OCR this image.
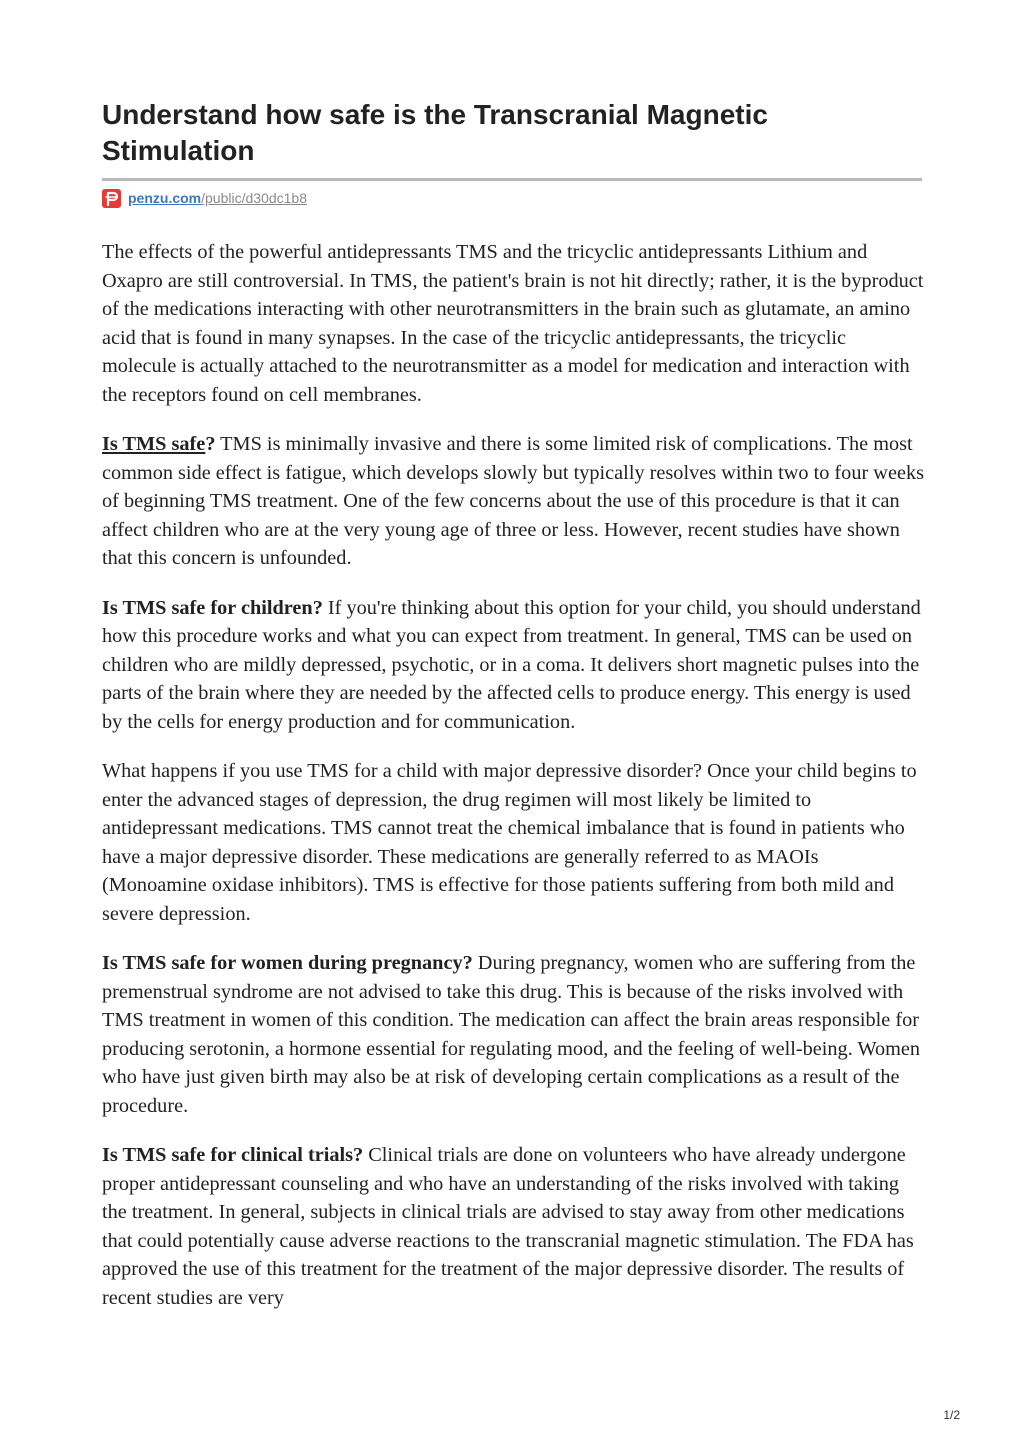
Understand how safe is the Transcranial Magnetic Stimulation
penzu.com /public/d30dc1b8

The effects of the powerful antidepressants TMS and the tricyclic antidepressants Lithium and Oxapro are still controversial. In TMS, the patient's brain is not hit directly; rather, it is the byproduct of the medications interacting with other neurotransmitters in the brain such as glutamate, an amino acid that is found in many synapses. In the case of the tricyclic antidepressants, the tricyclic molecule is actually attached to the neurotransmitter as a model for medication and interaction with the receptors found on cell membranes.

Is TMS safe? TMS is minimally invasive and there is some limited risk of complications. The most common side effect is fatigue, which develops slowly but typically resolves within two to four weeks of beginning TMS treatment. One of the few concerns about the use of this procedure is that it can affect children who are at the very young age of three or less. However, recent studies have shown that this concern is unfounded.

Is TMS safe for children? If you're thinking about this option for your child, you should understand how this procedure works and what you can expect from treatment. In general, TMS can be used on children who are mildly depressed, psychotic, or in a coma. It delivers short magnetic pulses into the parts of the brain where they are needed by the affected cells to produce energy. This energy is used by the cells for energy production and for communication.

What happens if you use TMS for a child with major depressive disorder? Once your child begins to enter the advanced stages of depression, the drug regimen will most likely be limited to antidepressant medications. TMS cannot treat the chemical imbalance that is found in patients who have a major depressive disorder. These medications are generally referred to as MAOIs (Monoamine oxidase inhibitors). TMS is effective for those patients suffering from both mild and severe depression.

Is TMS safe for women during pregnancy? During pregnancy, women who are suffering from the premenstrual syndrome are not advised to take this drug. This is because of the risks involved with TMS treatment in women of this condition. The medication can affect the brain areas responsible for producing serotonin, a hormone essential for regulating mood, and the feeling of well-being. Women who have just given birth may also be at risk of developing certain complications as a result of the procedure.

Is TMS safe for clinical trials? Clinical trials are done on volunteers who have already undergone proper antidepressant counseling and who have an understanding of the risks involved with taking the treatment. In general, subjects in clinical trials are advised to stay away from other medications that could potentially cause adverse reactions to the transcranial magnetic stimulation. The FDA has approved the use of this treatment for the treatment of the major depressive disorder. The results of recent studies are very

1/2
